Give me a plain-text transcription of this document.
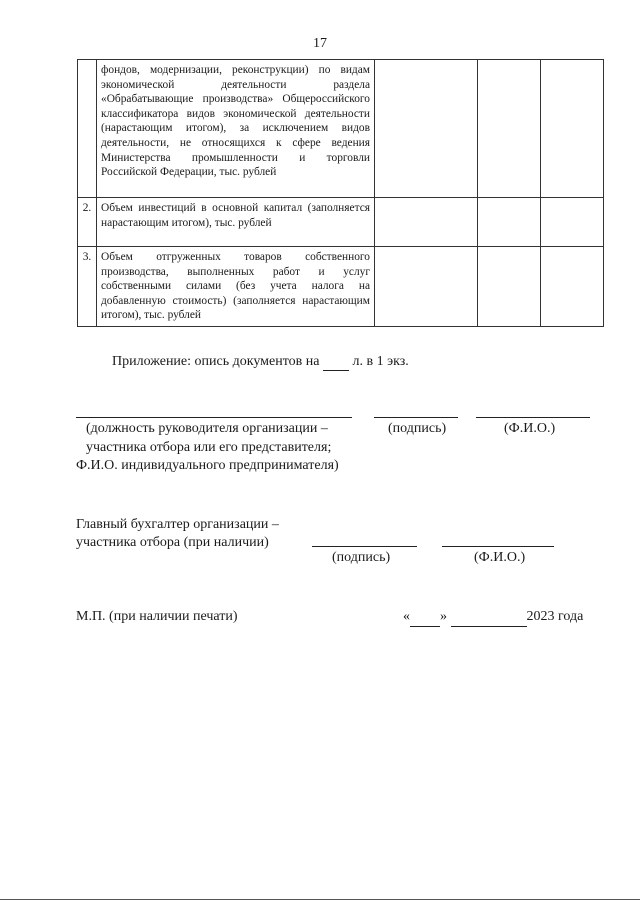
17
	фондов, модернизации, реконструкции) по видам экономической деятельности раздела «Обрабатывающие производства» Общероссийского классификатора видов экономической деятельности (нарастающим итогом), за исключением видов деятельности, не относящихся к сфере ведения Министерства промышленности и торговли Российской Федерации, тыс. рублей			
2.	Объем инвестиций в основной капитал (заполняется нарастающим итогом), тыс. рублей			
3.	Объем отгруженных товаров собственного производства, выполненных работ и услуг собственными силами (без учета налога на добавленную стоимость) (заполняется нарастающим итогом), тыс. рублей			
Приложение: опись документов на л. в 1 экз.
(должность руководителя организации –	(подпись)	(Ф.И.О.)
участника отбора или его представителя;
Ф.И.О. индивидуального предпринимателя)
Главный бухгалтер организации –
участника отбора (при наличии)
(подпись)	(Ф.И.О.)
М.П. (при наличии печати)	« »	2023 года
